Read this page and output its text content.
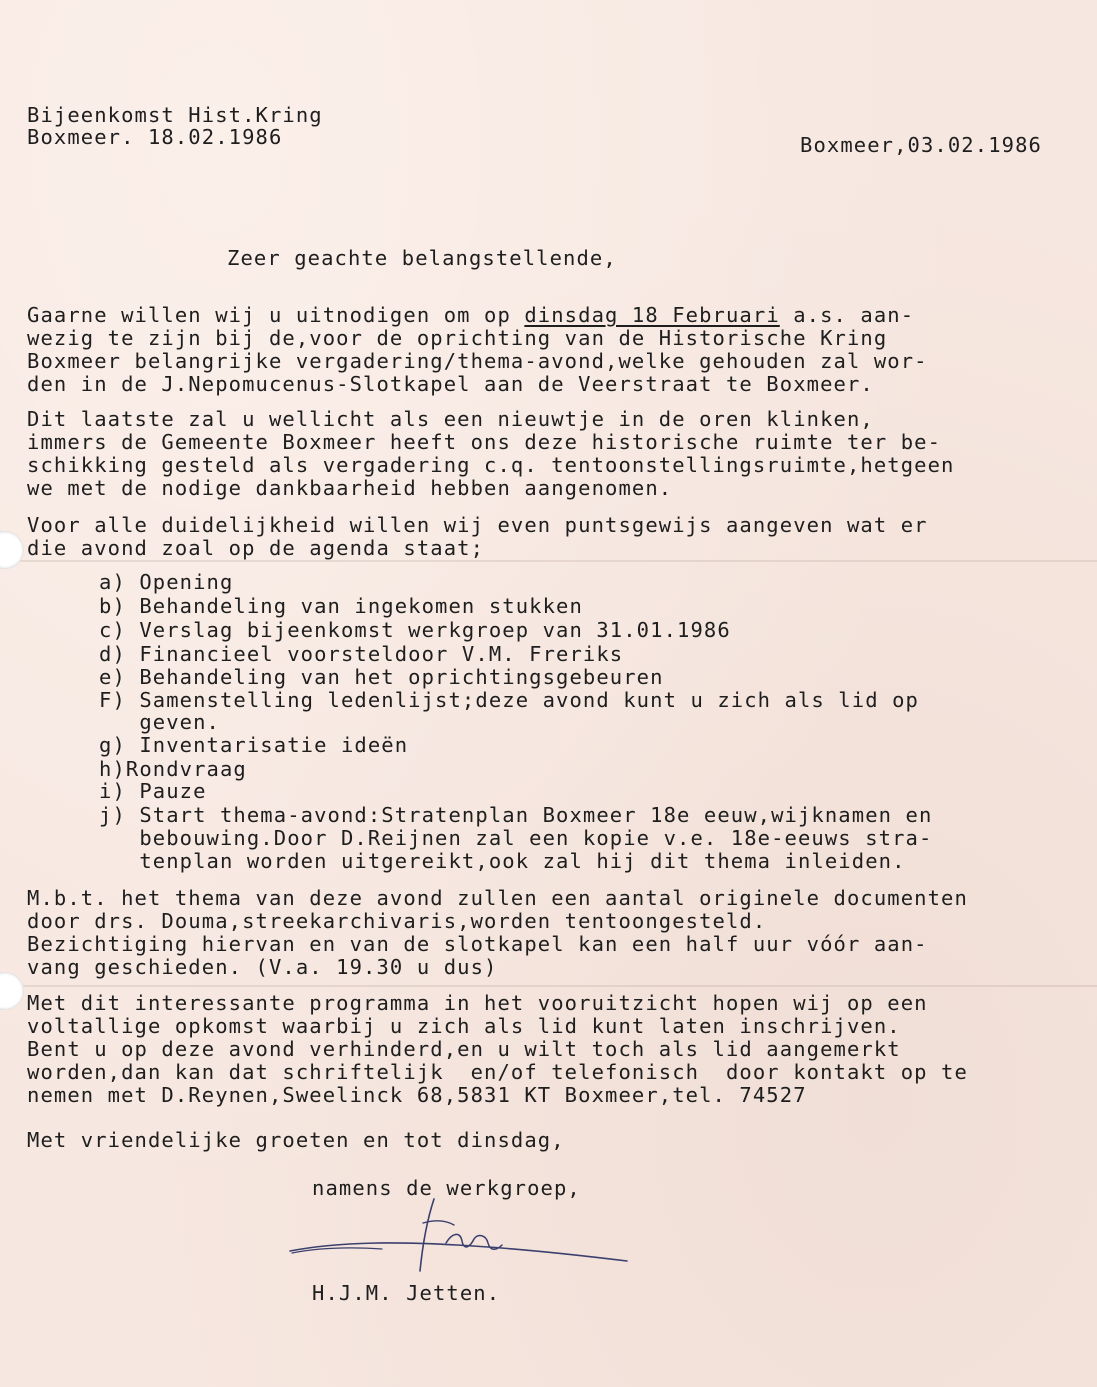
Bijeenkomst Hist.Kring
Boxmeer. 18.02.1986	Boxmeer,03.02.1986
Zeer geachte belangstellende,
Gaarne willen wij u uitnodigen om op dinsdag 18 Februari a.s. aan-
wezig te zijn bij de,voor de oprichting van de Historische Kring
Boxmeer belangrijke vergadering/thema-avond,welke gehouden zal wor-
den in de J.Nepomucenus-Slotkapel aan de Veerstraat te Boxmeer.
Dit laatste zal u wellicht als een nieuwtje in de oren klinken,
immers de Gemeente Boxmeer heeft ons deze historische ruimte ter be-
schikking gesteld als vergadering c.q. tentoonstellingsruimte,hetgeen
we met de nodige dankbaarheid hebben aangenomen.
Voor alle duidelijkheid willen wij even puntsgewijs aangeven wat er
die avond zoal op de agenda staat;
a) Opening
b) Behandeling van ingekomen stukken
c) Verslag bijeenkomst werkgroep van 31.01.1986
d) Financieel voorsteldoor V.M. Freriks
e) Behandeling van het oprichtingsgebeuren
F) Samenstelling ledenlijst;deze avond kunt u zich als lid op
geven.
g) Inventarisatie ideën
h)Rondvraag
i) Pauze
j) Start thema-avond:Stratenplan Boxmeer 18e eeuw,wijknamen en
bebouwing.Door D.Reijnen zal een kopie v.e. 18e-eeuws stra-
tenplan worden uitgereikt,ook zal hij dit thema inleiden.
M.b.t. het thema van deze avond zullen een aantal originele documenten
door drs. Douma,streekarchivaris,worden tentoongesteld.
Bezichtiging hiervan en van de slotkapel kan een half uur vóór aan-
vang geschieden. (V.a. 19.30 u dus)
Met dit interessante programma in het vooruitzicht hopen wij op een
voltallige opkomst waarbij u zich als lid kunt laten inschrijven.
Bent u op deze avond verhinderd,en u wilt toch als lid aangemerkt
worden,dan kan dat schriftelijk  en/of telefonisch  door kontakt op te
nemen met D.Reynen,Sweelinck 68,5831 KT Boxmeer,tel. 74527
Met vriendelijke groeten en tot dinsdag,
namens de werkgroep,
H.J.M. Jetten.
